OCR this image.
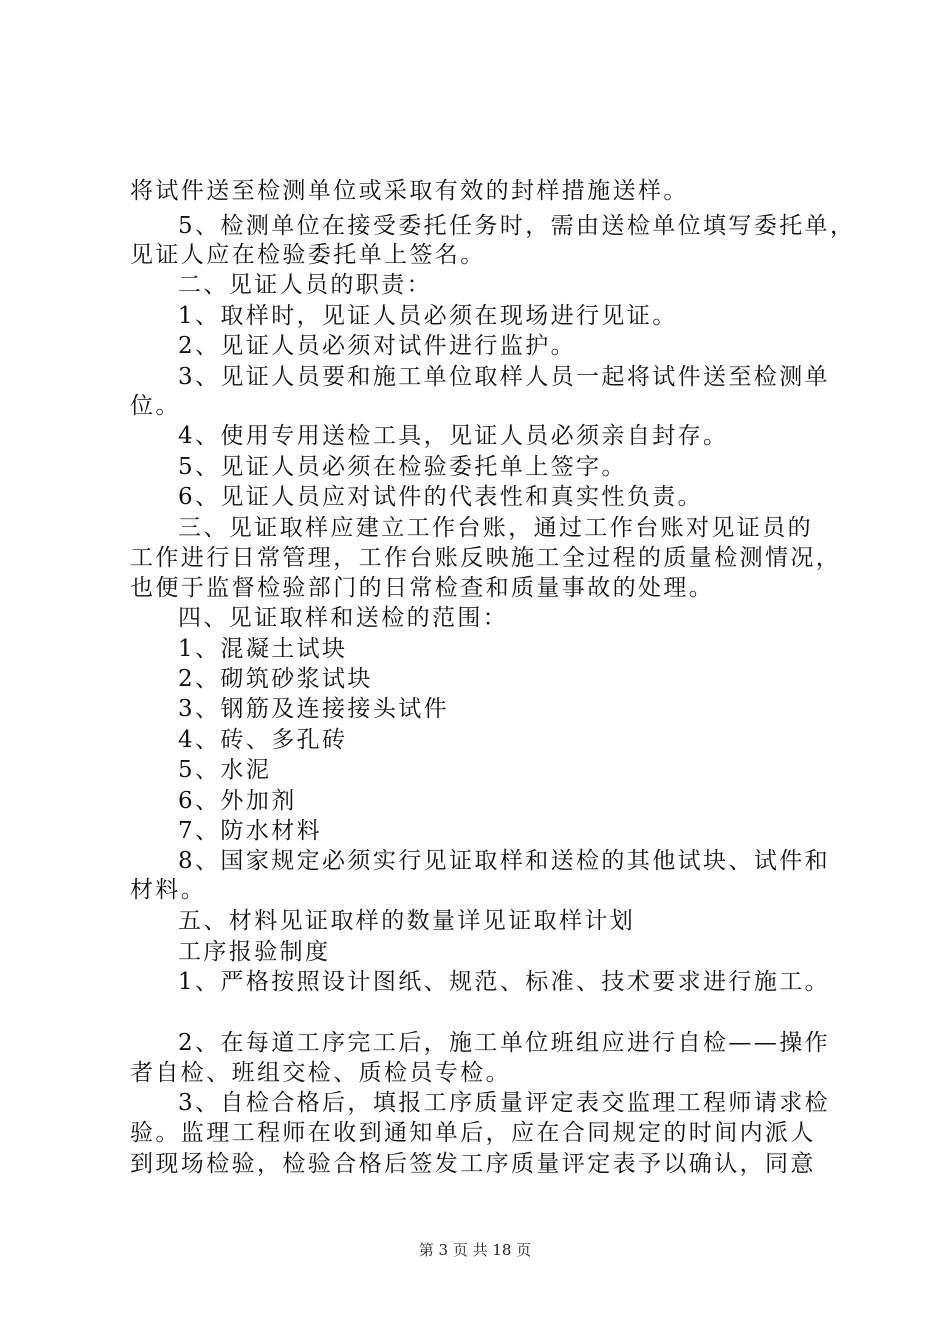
将试件送至检测单位或采取有效的封样措施送样。
5、检测单位在接受委托任务时，需由送检单位填写委托单，
见证人应在检验委托单上签名。
二、见证人员的职责：
1、取样时，见证人员必须在现场进行见证。
2、见证人员必须对试件进行监护。
3、见证人员要和施工单位取样人员一起将试件送至检测单
位。
4、使用专用送检工具，见证人员必须亲自封存。
5、见证人员必须在检验委托单上签字。
6、见证人员应对试件的代表性和真实性负责。
三、见证取样应建立工作台账，通过工作台账对见证员的
工作进行日常管理，工作台账反映施工全过程的质量检测情况，
也便于监督检验部门的日常检查和质量事故的处理。
四、见证取样和送检的范围：
1、混凝土试块
2、砌筑砂浆试块
3、钢筋及连接接头试件
4、砖、多孔砖
5、水泥
6、外加剂
7、防水材料
8、国家规定必须实行见证取样和送检的其他试块、试件和
材料。
五、材料见证取样的数量详见证取样计划
工序报验制度
1、严格按照设计图纸、规范、标准、技术要求进行施工。
2、在每道工序完工后，施工单位班组应进行自检——操作
者自检、班组交检、质检员专检。
3、自检合格后，填报工序质量评定表交监理工程师请求检
验。监理工程师在收到通知单后，应在合同规定的时间内派人
到现场检验，检验合格后签发工序质量评定表予以确认，同意
第 3 页 共 18 页
